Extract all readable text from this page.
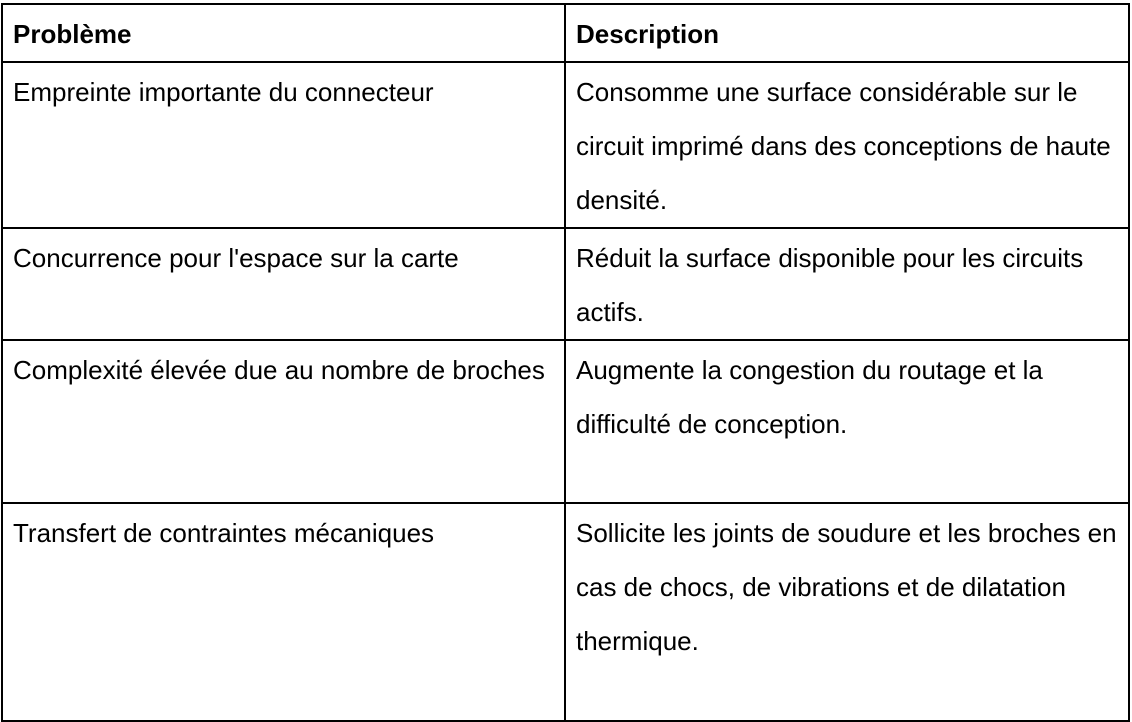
Problème	Description

Empreinte importante du connecteur	Consomme une surface considérable sur le circuit imprimé dans des conceptions de haute densité.

Concurrence pour l'espace sur la carte	Réduit la surface disponible pour les circuits actifs.

Complexité élevée due au nombre de broches	Augmente la congestion du routage et la difficulté de conception.

Transfert de contraintes mécaniques	Sollicite les joints de soudure et les broches en cas de chocs, de vibrations et de dilatation thermique.
